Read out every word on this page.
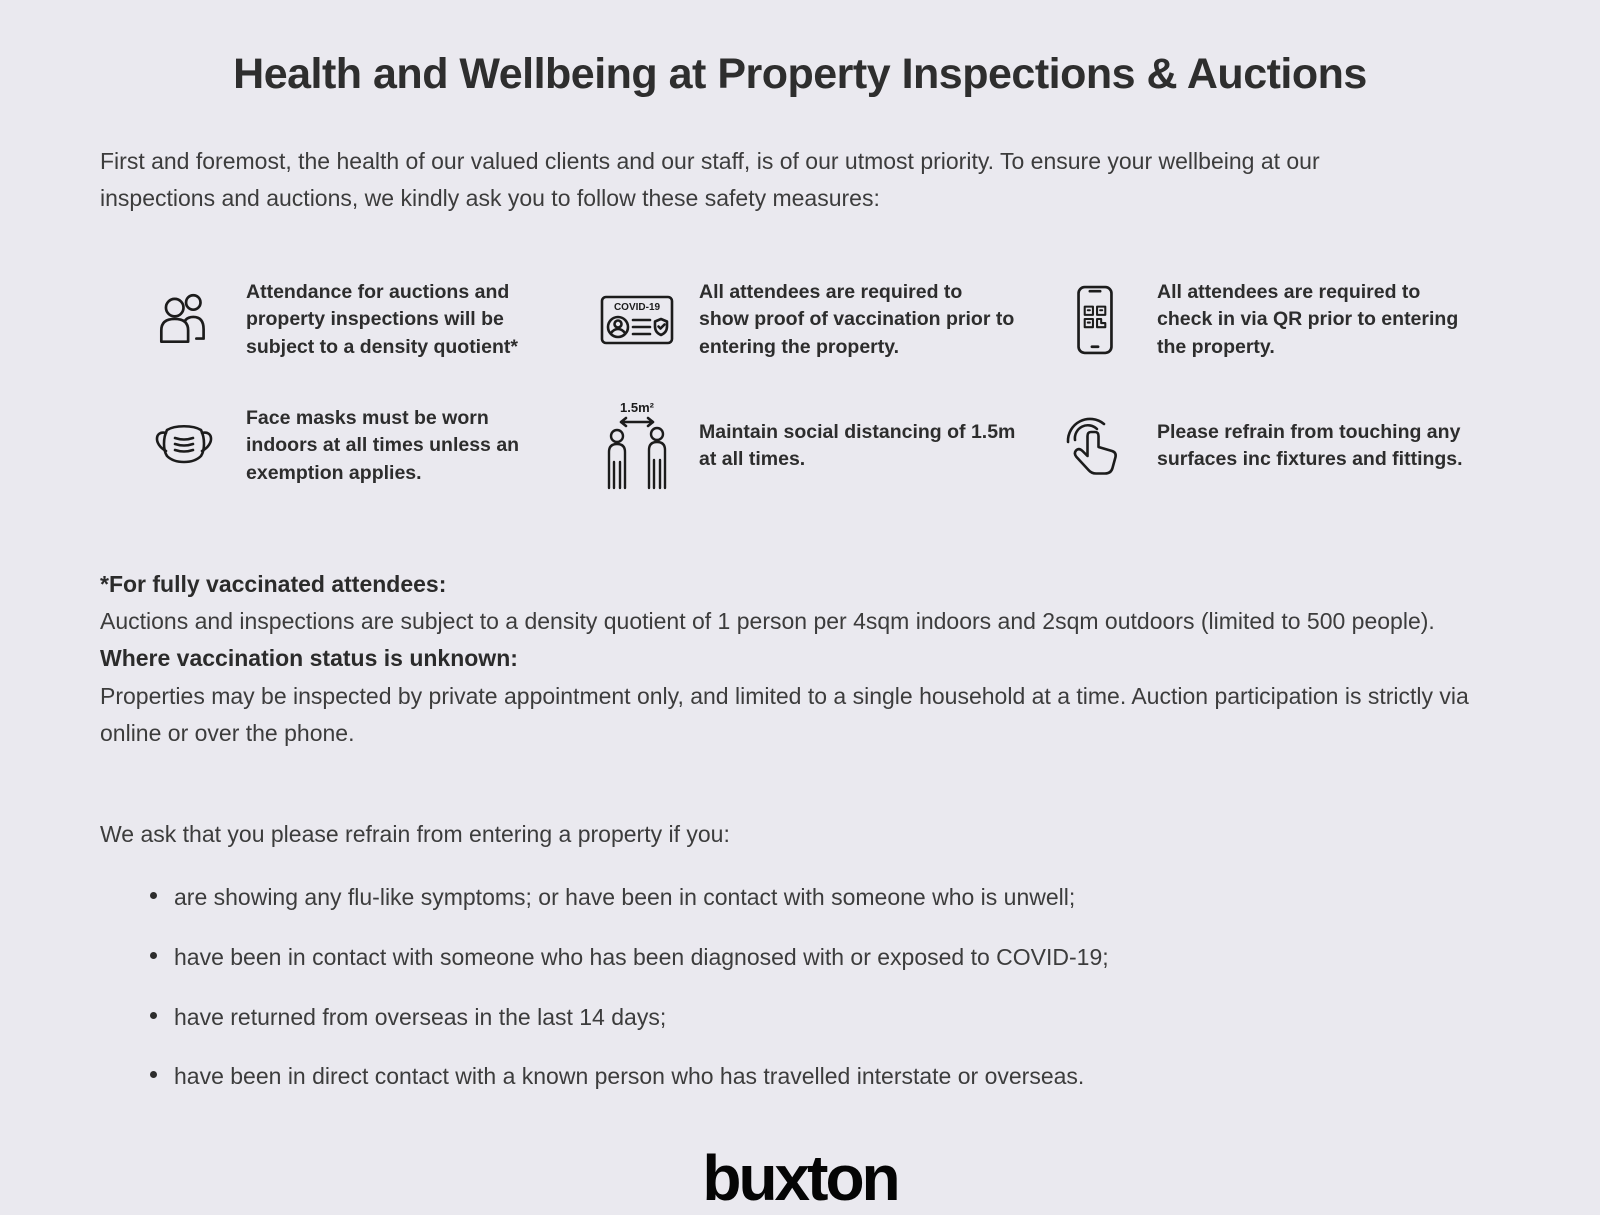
Health and Wellbeing at Property Inspections & Auctions

First and foremost, the health of our valued clients and our staff, is of our utmost priority. To ensure your wellbeing at our inspections and auctions, we kindly ask you to follow these safety measures:

Attendance for auctions and property inspections will be subject to a density quotient*
COVID-19
All attendees are required to show proof of vaccination prior to entering the property.
All attendees are required to check in via QR prior to entering the property.
Face masks must be worn indoors at all times unless an exemption applies.
1.5m²
Maintain social distancing of 1.5m at all times.
Please refrain from touching any surfaces inc fixtures and fittings.

*For fully vaccinated attendees:

Auctions and inspections are subject to a density quotient of 1 person per 4sqm indoors and 2sqm outdoors (limited to 500 people).

Where vaccination status is unknown:

Properties may be inspected by private appointment only, and limited to a single household at a time. Auction participation is strictly via online or over the phone.

We ask that you please refrain from entering a property if you:

are showing any flu-like symptoms; or have been in contact with someone who is unwell;
have been in contact with someone who has been diagnosed with or exposed to COVID-19;
have returned from overseas in the last 14 days;
have been in direct contact with a known person who has travelled interstate or overseas.
buxton
